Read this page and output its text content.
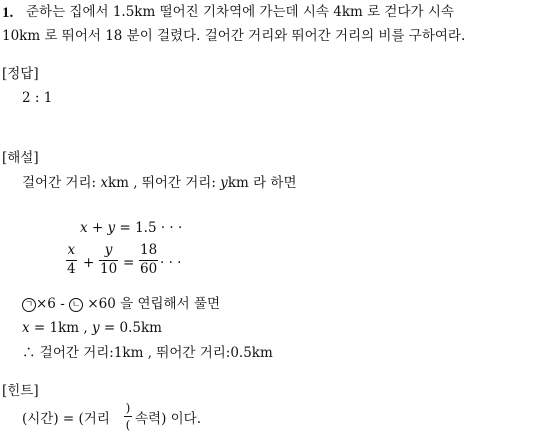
1. 준하는 집에서 1.5km 떨어진 기차역에 가는데 시속 4km 로 걷다가 시속
10km 로 뛰어서 18 분이 걸렸다. 걸어간 거리와 뛰어간 거리의 비를 구하여라.
[정답]
2 : 1
[해설]
걸어간 거리: xkm , 뛰어간 거리: ykm 라 하면
x + y = 1.5 · · ·
x
4 +
y
10 =
18
60 · · ·
ㄱ ×6 - ㄴ ×60 을 연립해서 풀면
x = 1km , y = 0.5km
∴ 걸어간 거리:1km , 뛰어간 거리:0.5km
[힌트]
(시간) = (거리
)
( 속력) 이다.
